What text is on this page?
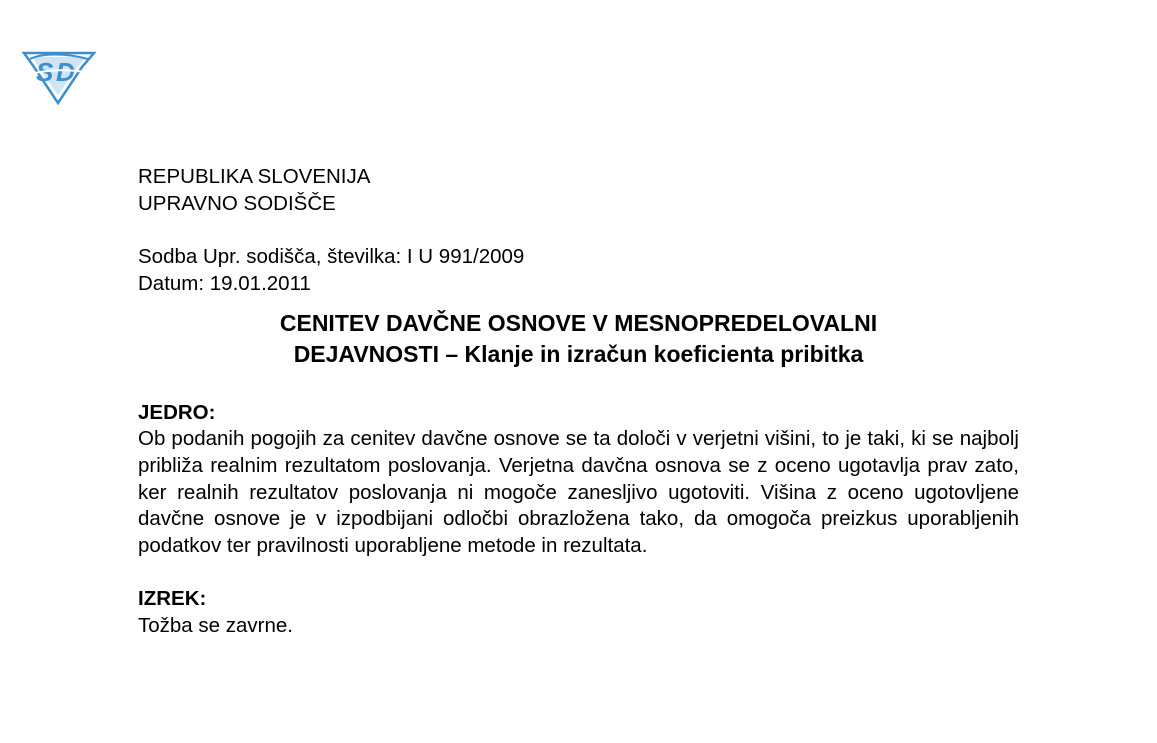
S D
REPUBLIKA SLOVENIJA
UPRAVNO SODIŠČE
Sodba Upr. sodišča, številka: I U 991/2009
Datum: 19.01.2011
CENITEV DAVČNE OSNOVE V MESNOPREDELOVALNI
DEJAVNOSTI – Klanje in izračun koeficienta pribitka
JEDRO:
Ob podanih pogojih za cenitev davčne osnove se ta določi v verjetni višini, to je taki, ki se najbolj približa realnim rezultatom poslovanja. Verjetna davčna osnova se z oceno ugotavlja prav zato, ker realnih rezultatov poslovanja ni mogoče zanesljivo ugotoviti. Višina z oceno ugotovljene davčne osnove je v izpodbijani odločbi obrazložena tako, da omogoča preizkus uporabljenih podatkov ter pravilnosti uporabljene metode in rezultata.
IZREK:
Tožba se zavrne.
